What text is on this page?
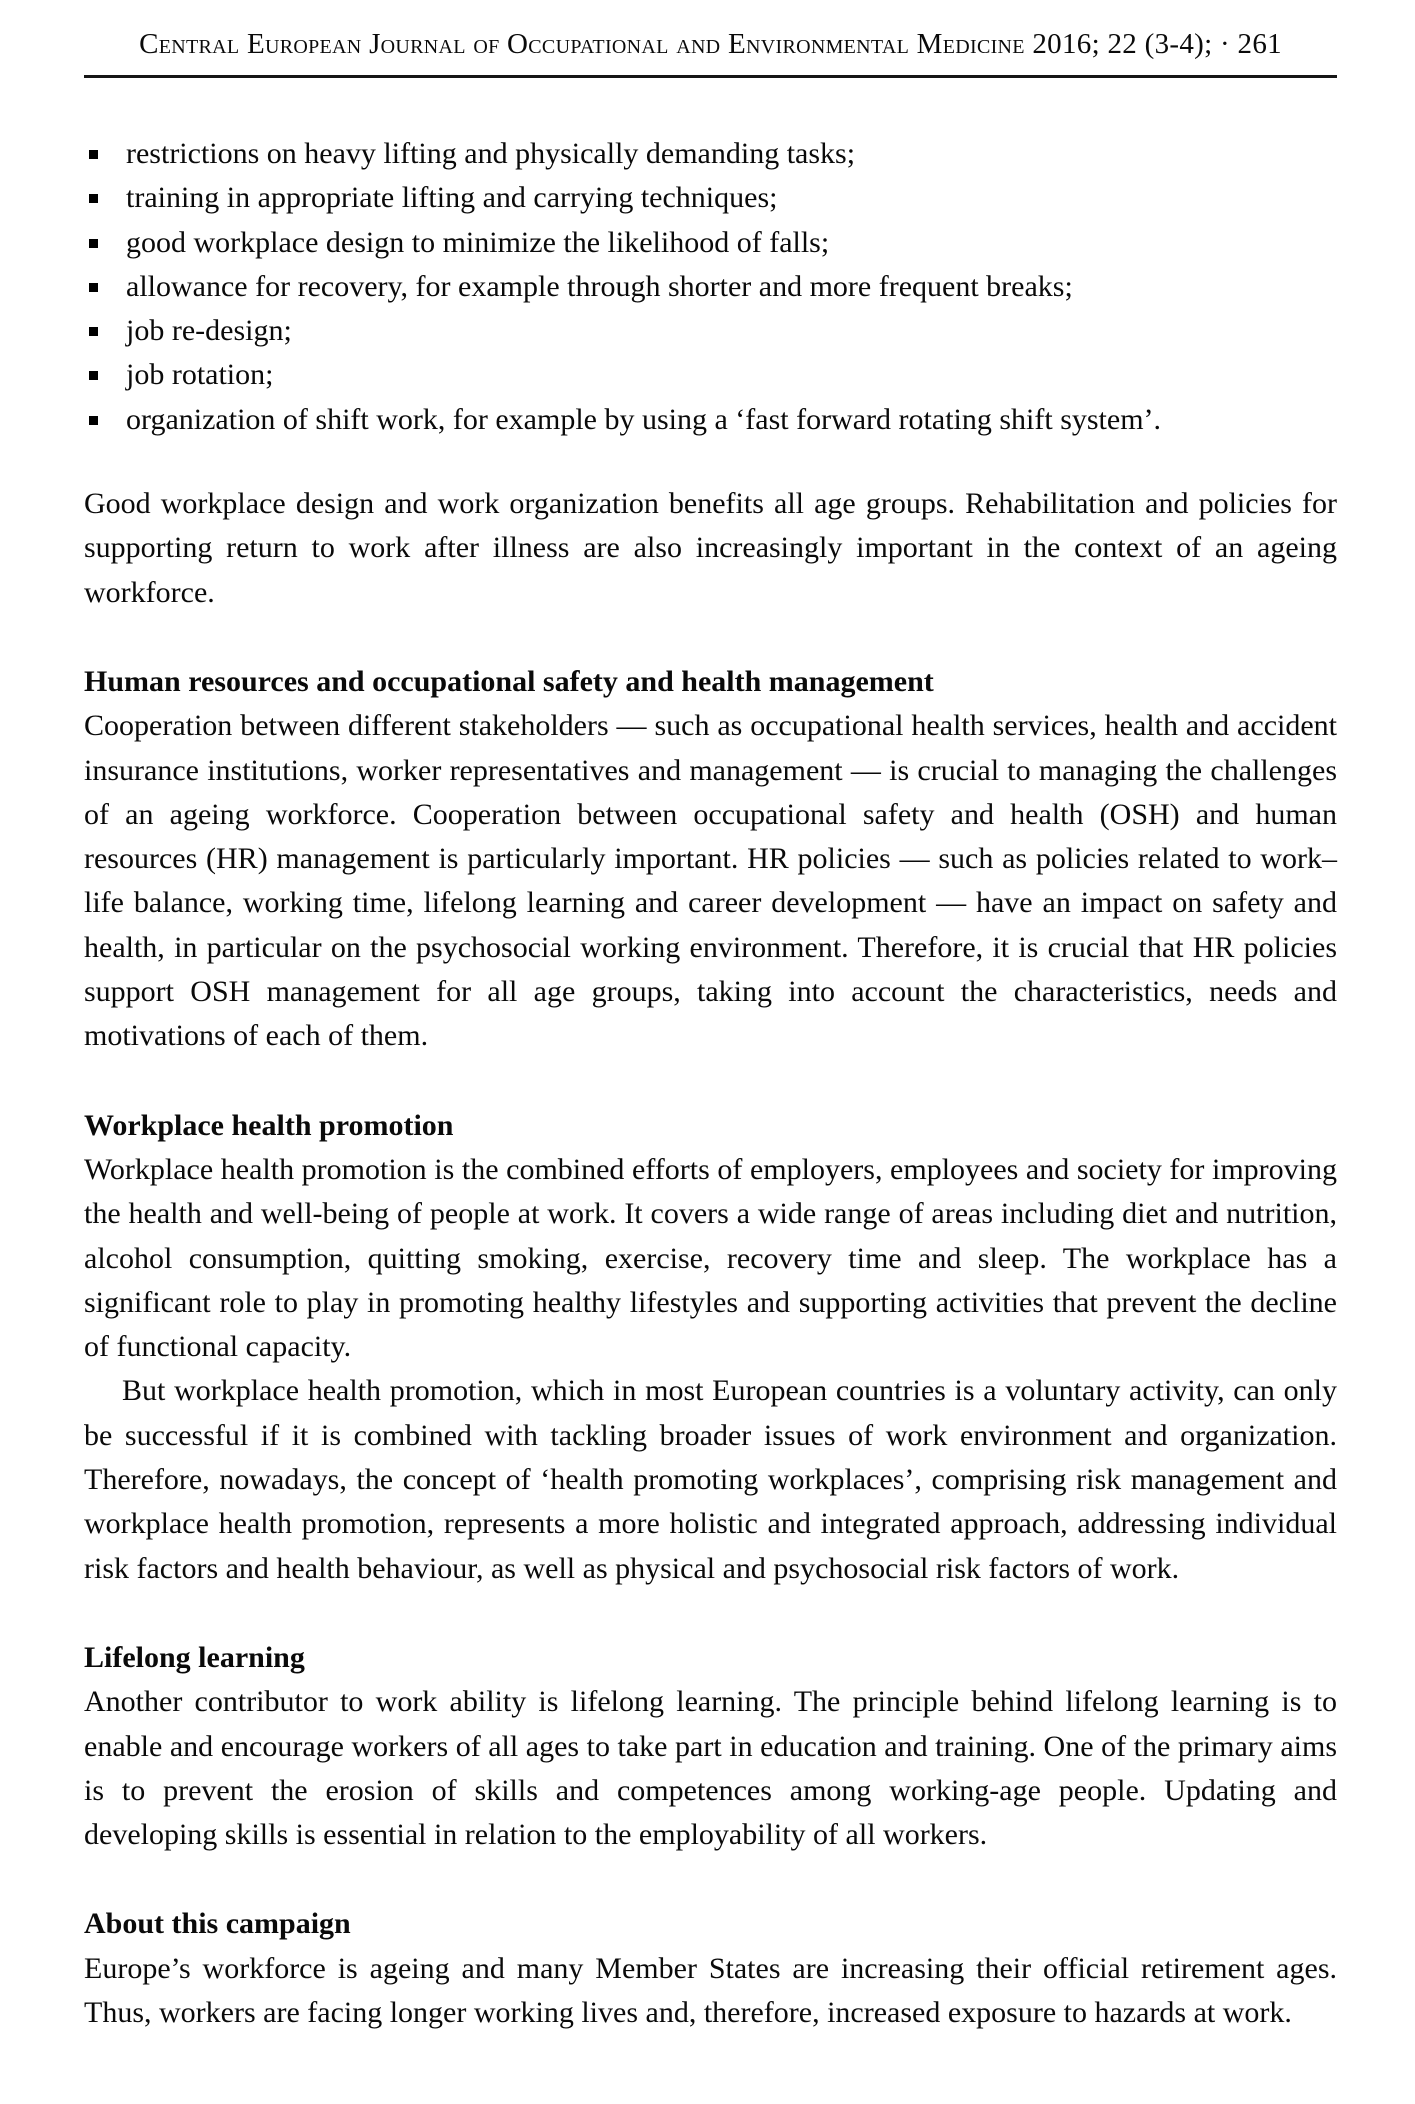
Central European Journal of Occupational and Environmental Medicine 2016; 22 (3-4); · 261
restrictions on heavy lifting and physically demanding tasks;
training in appropriate lifting and carrying techniques;
good workplace design to minimize the likelihood of falls;
allowance for recovery, for example through shorter and more frequent breaks;
job re-design;
job rotation;
organization of shift work, for example by using a ‘fast forward rotating shift system’.

Good workplace design and work organization benefits all age groups. Rehabilitation and policies for supporting return to work after illness are also increasingly important in the context of an ageing workforce.

Human resources and occupational safety and health management

Cooperation between different stakeholders — such as occupational health services, health and accident insurance institutions, worker representatives and management — is crucial to managing the challenges of an ageing workforce. Cooperation between occupational safety and health (OSH) and human resources (HR) management is particularly important. HR policies — such as policies related to work–life balance, working time, lifelong learning and career development — have an impact on safety and health, in particular on the psychosocial working environment. Therefore, it is crucial that HR policies support OSH management for all age groups, taking into account the characteristics, needs and motivations of each of them.

Workplace health promotion

Workplace health promotion is the combined efforts of employers, employees and society for improving the health and well-being of people at work. It covers a wide range of areas including diet and nutrition, alcohol consumption, quitting smoking, exercise, recovery time and sleep. The workplace has a significant role to play in promoting healthy lifestyles and supporting activities that prevent the decline of functional capacity.

But workplace health promotion, which in most European countries is a voluntary activity, can only be successful if it is combined with tackling broader issues of work environment and organization. Therefore, nowadays, the concept of ‘health promoting workplaces’, comprising risk management and workplace health promotion, represents a more holistic and integrated approach, addressing individual risk factors and health behaviour, as well as physical and psychosocial risk factors of work.

Lifelong learning

Another contributor to work ability is lifelong learning. The principle behind lifelong learning is to enable and encourage workers of all ages to take part in education and training. One of the primary aims is to prevent the erosion of skills and competences among working-age people. Updating and developing skills is essential in relation to the employability of all workers.

About this campaign

Europe’s workforce is ageing and many Member States are increasing their official retirement ages. Thus, workers are facing longer working lives and, therefore, increased exposure to hazards at work.
